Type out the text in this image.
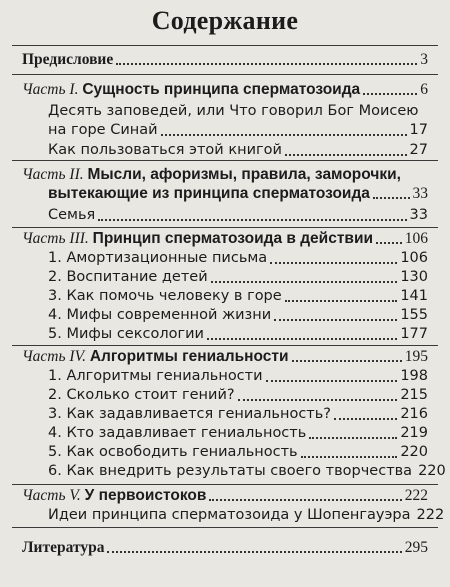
Содержание
Предисловие	3
Часть I. Сущность принципа сперматозоида	6
Десять заповедей, или Что говорил Бог Моисею
на горе Синай	17
Как пользоваться этой книгой	27
Часть II. Мысли, афоризмы, правила, заморочки,
вытекающие из принципа сперматозоида	33
Семья	33
Часть III. Принцип сперматозоида в действии 106
1. Амортизационные письма	106
2. Воспитание детей	130
3. Как помочь человеку в горе	141
4. Мифы современной жизни	155
5. Мифы сексологии	177
Часть IV. Алгоритмы гениальности	195
1. Алгоритмы гениальности	198
2. Сколько стоит гений?	215
3. Как задавливается гениальность?	216
4. Кто задавливает гениальность	219
5. Как освободить гениальность	220
6. Как внедрить результаты своего творчества 220
Часть V. У первоистоков	222
Идеи принципа сперматозоида у Шопенгауэра 222
Литература	295
